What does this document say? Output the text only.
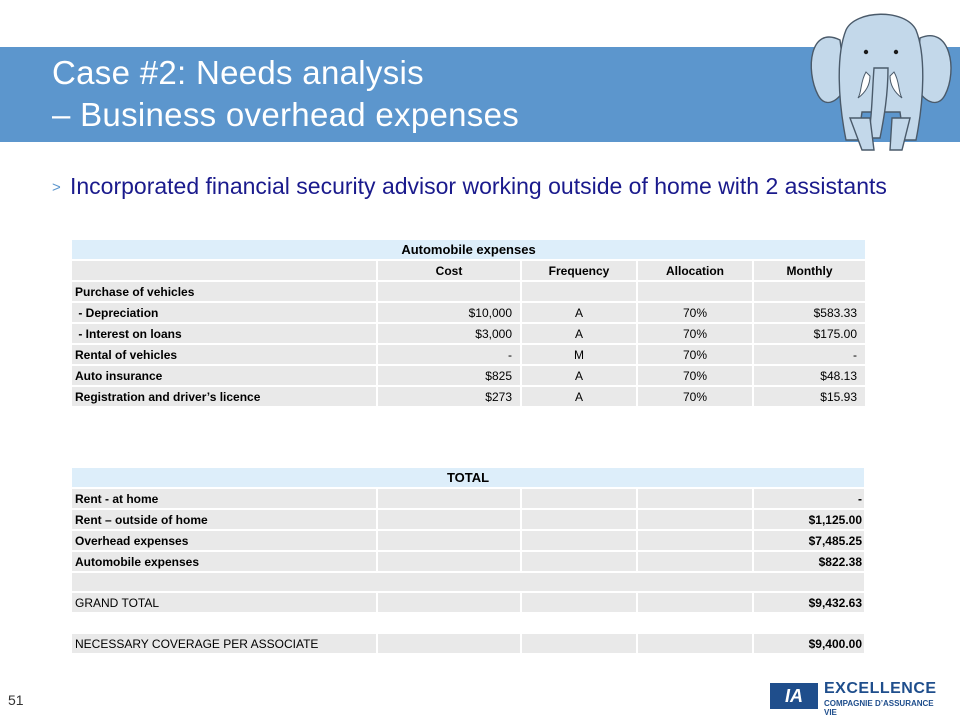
Case #2: Needs analysis
– Business overhead expenses
> Incorporated financial security advisor working outside of home with 2 assistants
Automobile expenses				
	Cost	Frequency	Allocation	Monthly
Purchase of vehicles				
- Depreciation	$10,000	A	70%	$583.33
- Interest on loans	$3,000	A	70%	$175.00
Rental of vehicles	-	M	70%	-
Auto insurance	$825	A	70%	$48.13
Registration and driver’s licence	$273	A	70%	$15.93
TOTAL				
Rent - at home				-
Rent – outside of home				$1,125.00
Overhead expenses				$7,485.25
Automobile expenses				$822.38

GRAND TOTAL				$9,432.63

NECESSARY COVERAGE PER ASSOCIATE				$9,400.00
51	IA	EXCELLENCE
COMPAGNIE D’ASSURANCE VIE
